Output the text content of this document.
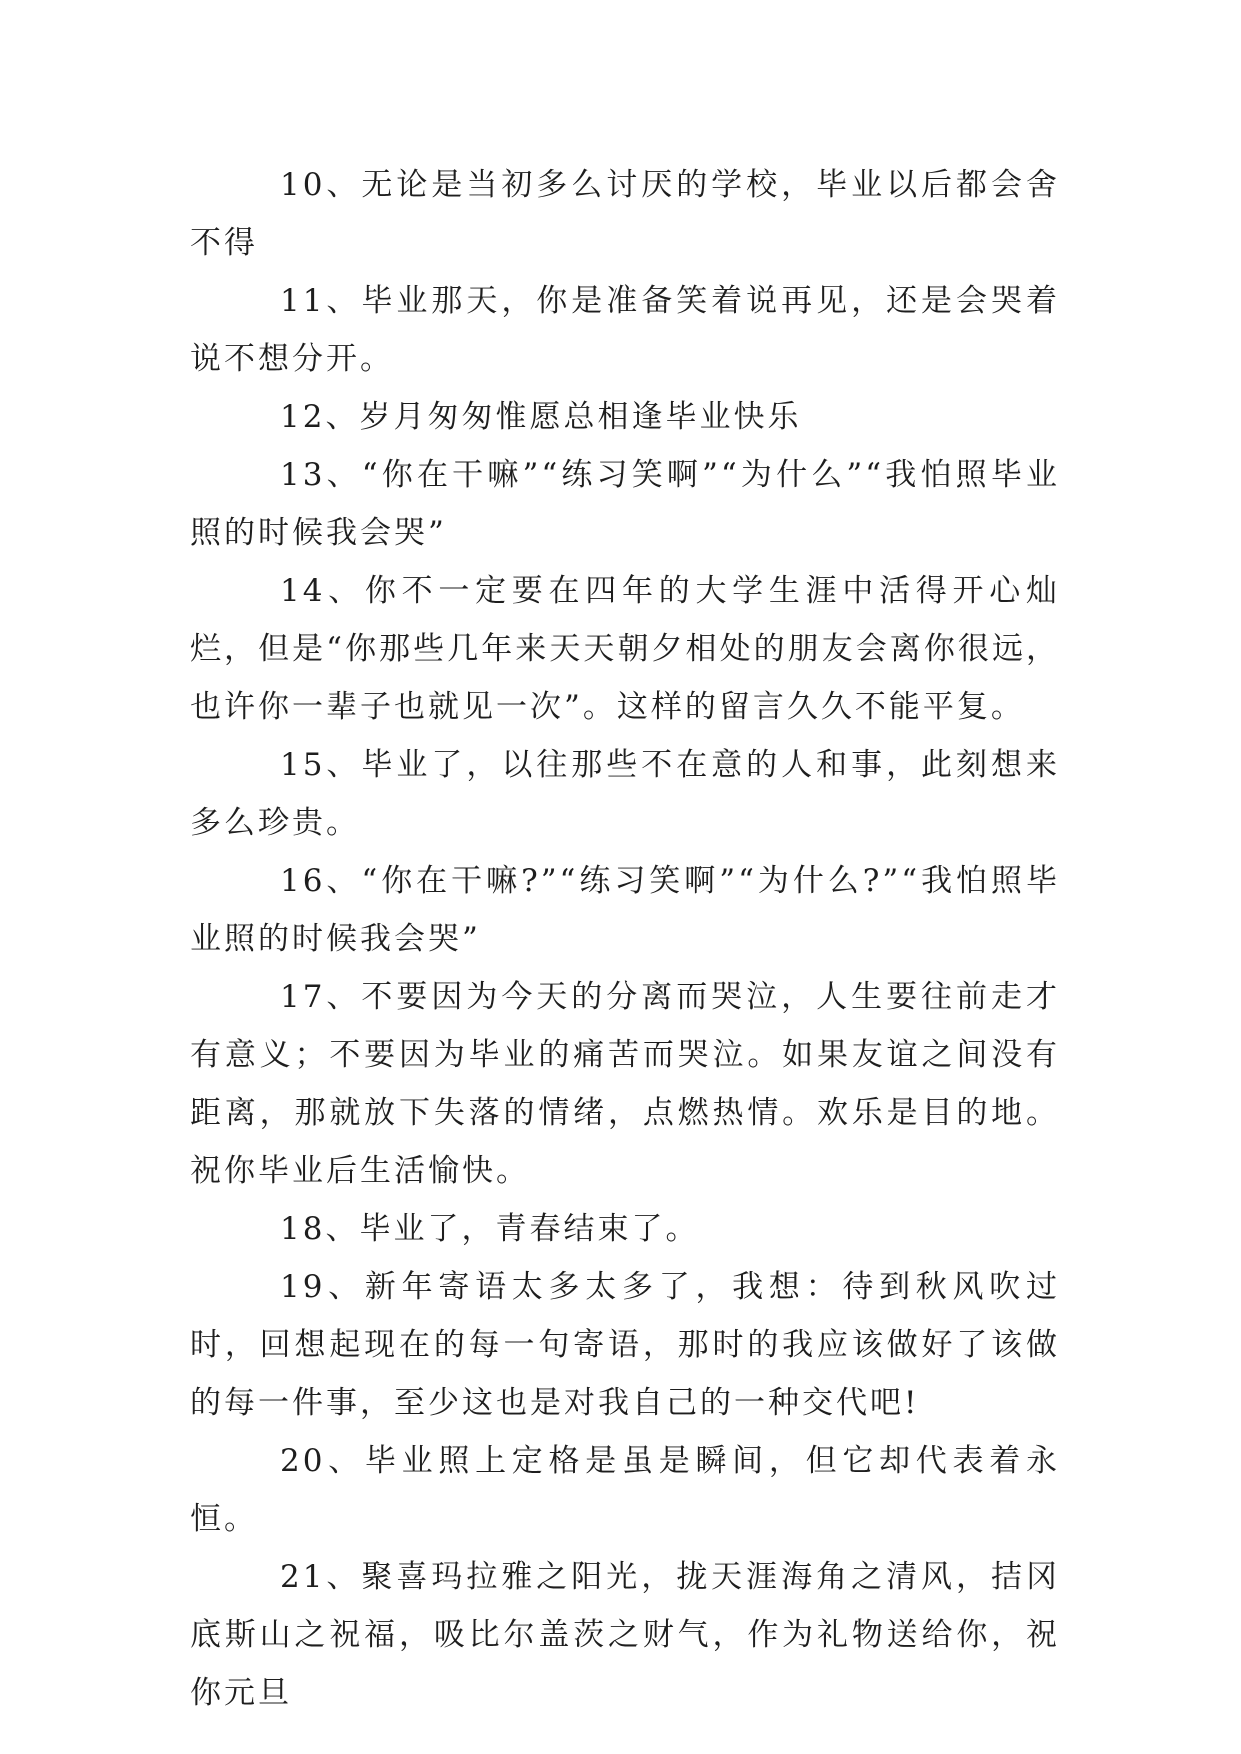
10、无论是当初多么讨厌的学校，毕业以后都会舍不得

11、毕业那天，你是准备笑着说再见，还是会哭着说不想分开。

12、岁月匆匆惟愿总相逢毕业快乐

13、“你在干嘛”“练习笑啊”“为什么”“我怕照毕业照的时候我会哭”

14、你不一定要在四年的大学生涯中活得开心灿烂，但是“你那些几年来天天朝夕相处的朋友会离你很远，也许你一辈子也就见一次”。这样的留言久久不能平复。

15、毕业了，以往那些不在意的人和事，此刻想来多么珍贵。

16、“你在干嘛?”“练习笑啊”“为什么?”“我怕照毕业照的时候我会哭”

17、不要因为今天的分离而哭泣，人生要往前走才有意义；不要因为毕业的痛苦而哭泣。如果友谊之间没有距离，那就放下失落的情绪，点燃热情。欢乐是目的地。祝你毕业后生活愉快。

18、毕业了，青春结束了。

19、新年寄语太多太多了，我想：待到秋风吹过时，回想起现在的每一句寄语，那时的我应该做好了该做的每一件事，至少这也是对我自己的一种交代吧!

20、毕业照上定格是虽是瞬间，但它却代表着永恒。

21、聚喜玛拉雅之阳光，拢天涯海角之清风，拮冈底斯山之祝福，吸比尔盖茨之财气，作为礼物送给你，祝你元旦
